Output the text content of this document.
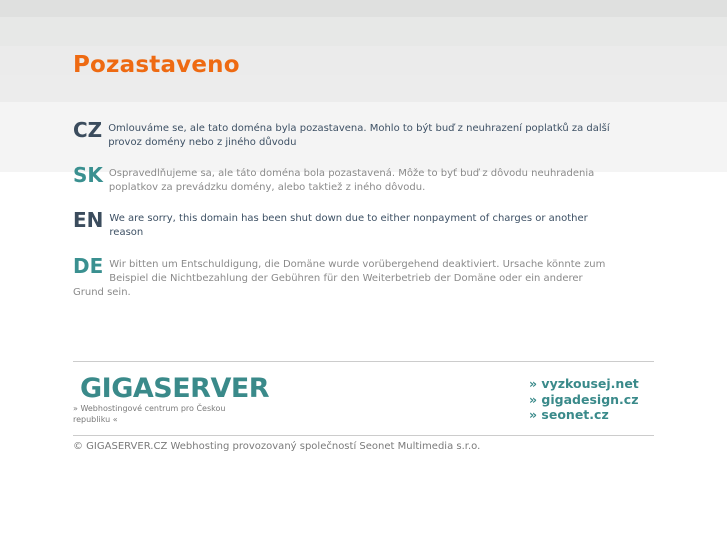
Pozastaveno
CZ Omlouváme se, ale tato doména byla pozastavena. Mohlo to být buď z neuhrazení poplatků za další provoz domény nebo z jiného důvodu
SK Ospravedlňujeme sa, ale táto doména bola pozastavená. Môže to byť buď z dôvodu neuhradenia poplatkov za prevádzku domény, alebo taktiež z iného dôvodu.
EN We are sorry, this domain has been shut down due to either nonpayment of charges or another reason
DE Wir bitten um Entschuldigung, die Domäne wurde vorübergehend deaktiviert. Ursache könnte zum Beispiel die Nichtbezahlung der Gebühren für den Weiterbetrieb der Domäne oder ein anderer Grund sein.
GIGASERVER
» Webhostingové centrum pro Českou republiku «
» vyzkousej.net
» gigadesign.cz
» seonet.cz
© GIGASERVER.CZ Webhosting provozovaný společností Seonet Multimedia s.r.o.
